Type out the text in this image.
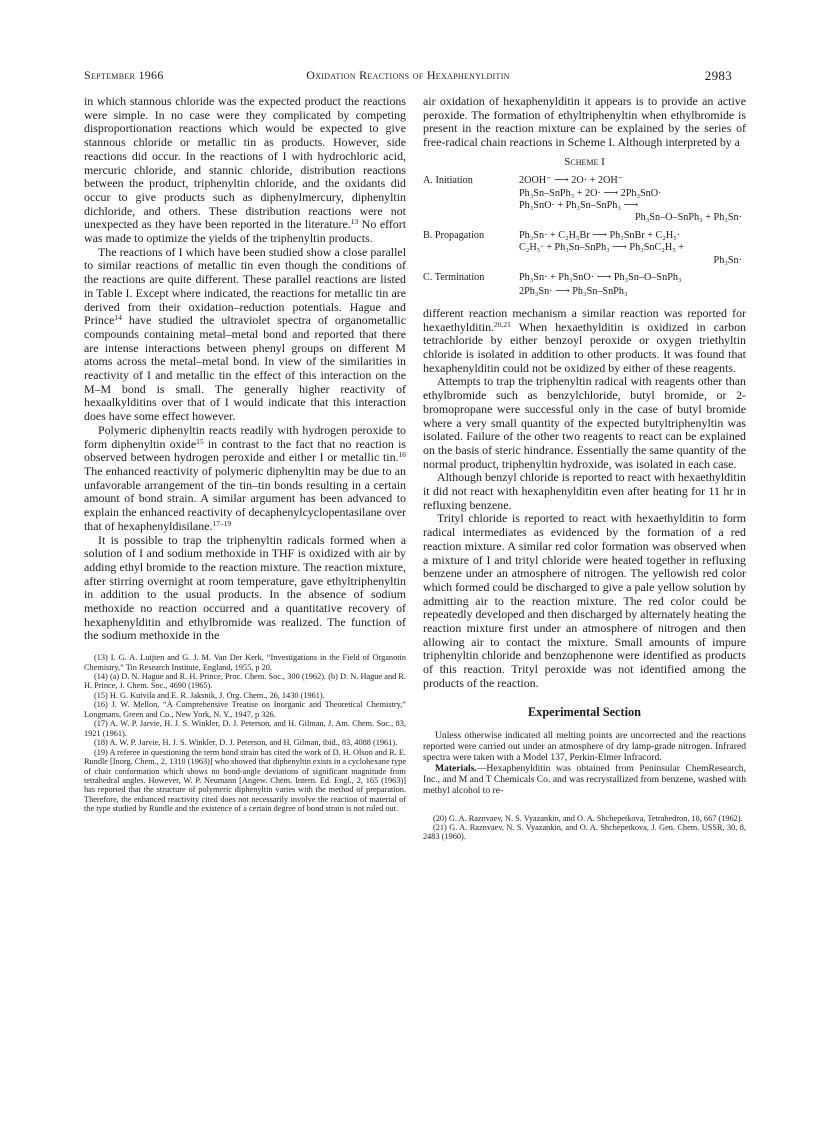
September 1966	Oxidation Reactions of Hexaphenylditin	2983

in which stannous chloride was the expected product the reactions were simple. In no case were they complicated by competing disproportionation reactions which would be expected to give stannous chloride or metallic tin as products. However, side reactions did occur. In the reactions of I with hydrochloric acid, mercuric chloride, and stannic chloride, distribution reactions between the product, triphenyltin chloride, and the oxidants did occur to give products such as diphenylmercury, diphenyltin dichloride, and others. These distribution reactions were not unexpected as they have been reported in the literature.$^{13}$ No effort was made to optimize the yields of the triphenyltin products.

The reactions of I which have been studied show a close parallel to similar reactions of metallic tin even though the conditions of the reactions are quite different. These parallel reactions are listed in Table I. Except where indicated, the reactions for metallic tin are derived from their oxidation–reduction potentials. Hague and Prince$^{14}$ have studied the ultraviolet spectra of organometallic compounds containing metal–metal bond and reported that there are intense interactions between phenyl groups on different M atoms across the metal–metal bond. In view of the similarities in reactivity of I and metallic tin the effect of this interaction on the M–M bond is small. The generally higher reactivity of hexaalkylditins over that of I would indicate that this interaction does have some effect however.

Polymeric diphenyltin reacts readily with hydrogen peroxide to form diphenyltin oxide$^{15}$ in contrast to the fact that no reaction is observed between hydrogen peroxide and either I or metallic tin.$^{16}$ The enhanced reactivity of polymeric diphenyltin may be due to an unfavorable arrangement of the tin–tin bonds resulting in a certain amount of bond strain. A similar argument has been advanced to explain the enhanced reactivity of decaphenylcyclopentasilane over that of hexaphenyldisilane.$^{17-19}$

It is possible to trap the triphenyltin radicals formed when a solution of I and sodium methoxide in THF is oxidized with air by adding ethyl bromide to the reaction mixture. The reaction mixture, after stirring overnight at room temperature, gave ethyltriphenyltin in addition to the usual products. In the absence of sodium methoxide no reaction occurred and a quantitative recovery of hexaphenylditin and ethylbromide was realized. The function of the sodium methoxide in the

(13) I. G. A. Luijten and G. J. M. Van Der Kerk, “Investigations in the Field of Organotin Chemistry,” Tin Research Institute, England, 1955, p 20.

(14) (a) D. N. Hague and R. H. Prince, Proc. Chem. Soc., 300 (1962). (b) D. N. Hague and R. H. Prince, J. Chem. Soc., 4690 (1965).

(15) H. G. Kuivila and E. R. Jaksnik, J. Org. Chem., 26, 1430 (1961).

(16) J. W. Mellon, “A Comprehensive Treatise on Inorganic and Theoretical Chemistry,” Longmans, Green and Co., New York, N. Y., 1947, p 326.

(17) A. W. P. Jarvie, H. J. S. Winkler, D. J. Peterson, and H. Gilman, J. Am. Chem. Soc., 83, 1921 (1961).

(18) A. W. P. Jarvie, H. J. S. Winkler, D. J. Peterson, and H. Gilman, ibid., 83, 4088 (1961).

(19) A referee in questioning the term bond strain has cited the work of D. H. Olson and R. E. Rundle [Inorg. Chem., 2, 1310 (1963)] who showed that diphenyltin exists in a cyclohexane type of chair conformation which shows no bond-angle deviations of significant magnitude from tetrahedral angles. However, W. P. Neumann [Angew. Chem. Intern. Ed. Engl., 2, 165 (1963)] has reported that the structure of polymeric diphenyltin varies with the method of preparation. Therefore, the enhanced reactivity cited does not necessarily involve the reaction of material of the type studied by Rundle and the existence of a certain degree of bond strain is not ruled out.

air oxidation of hexaphenylditin it appears is to provide an active peroxide. The formation of ethyltriphenyltin when ethylbromide is present in the reaction mixture can be explained by the series of free-radical chain reactions in Scheme I. Although interpreted by a

Scheme I
A. Initiation	2OOH⁻ ⟶ 2O· + 2OH⁻
Ph₃Sn–SnPh₃ + 2O· ⟶ 2Ph₃SnO·
Ph₃SnO· + Ph₃Sn–SnPh₃ ⟶
Ph₃Sn–O–SnPh₃ + Ph₃Sn·
B. Propagation	Ph₃Sn· + C₂H₅Br ⟶ Ph₃SnBr + C₂H₅·
C₂H₅· + Ph₃Sn–SnPh₃ ⟶ Ph₃SnC₂H₅ +
Ph₃Sn·
C. Termination	Ph₃Sn· + Ph₃SnO· ⟶ Ph₃Sn–O–SnPh₃
2Ph₃Sn· ⟶ Ph₃Sn–SnPh₃

different reaction mechanism a similar reaction was reported for hexaethylditin.$^{20,21}$ When hexaethylditin is oxidized in carbon tetrachloride by either benzoyl peroxide or oxygen triethyltin chloride is isolated in addition to other products. It was found that hexaphenylditin could not be oxidized by either of these reagents.

Attempts to trap the triphenyltin radical with reagents other than ethylbromide such as benzylchloride, butyl bromide, or 2-bromopropane were successful only in the case of butyl bromide where a very small quantity of the expected butyltriphenyltin was isolated. Failure of the other two reagents to react can be explained on the basis of steric hindrance. Essentially the same quantity of the normal product, triphenyltin hydroxide, was isolated in each case.

Although benzyl chloride is reported to react with hexaethylditin it did not react with hexaphenylditin even after heating for 11 hr in refluxing benzene.

Trityl chloride is reported to react with hexaethylditin to form radical intermediates as evidenced by the formation of a red reaction mixture. A similar red color formation was observed when a mixture of I and trityl chloride were heated together in refluxing benzene under an atmosphere of nitrogen. The yellowish red color which formed could be discharged to give a pale yellow solution by admitting air to the reaction mixture. The red color could be repeatedly developed and then discharged by alternately heating the reaction mixture first under an atmosphere of nitrogen and then allowing air to contact the mixture. Small amounts of impure triphenyltin chloride and benzophenone were identified as products of this reaction. Trityl peroxide was not identified among the products of the reaction.

Experimental Section

Unless otherwise indicated all melting points are uncorrected and the reactions reported were carried out under an atmosphere of dry lamp-grade nitrogen. Infrared spectra were taken with a Model 137, Perkin-Elmer Infracord.

Materials.—Hexaphenylditin was obtained from Peninsular ChemResearch, Inc., and M and T Chemicals Co. and was recrystallized from benzene, washed with methyl alcohol to re-

(20) G. A. Raznvaev, N. S. Vyazankin, and O. A. Shchepetkova, Tetrahedron, 18, 667 (1962).

(21) G. A. Raznvaev, N. S. Vyazankin, and O. A. Shchepetkova, J. Gen. Chem. USSR, 30, 8, 2483 (1960).
